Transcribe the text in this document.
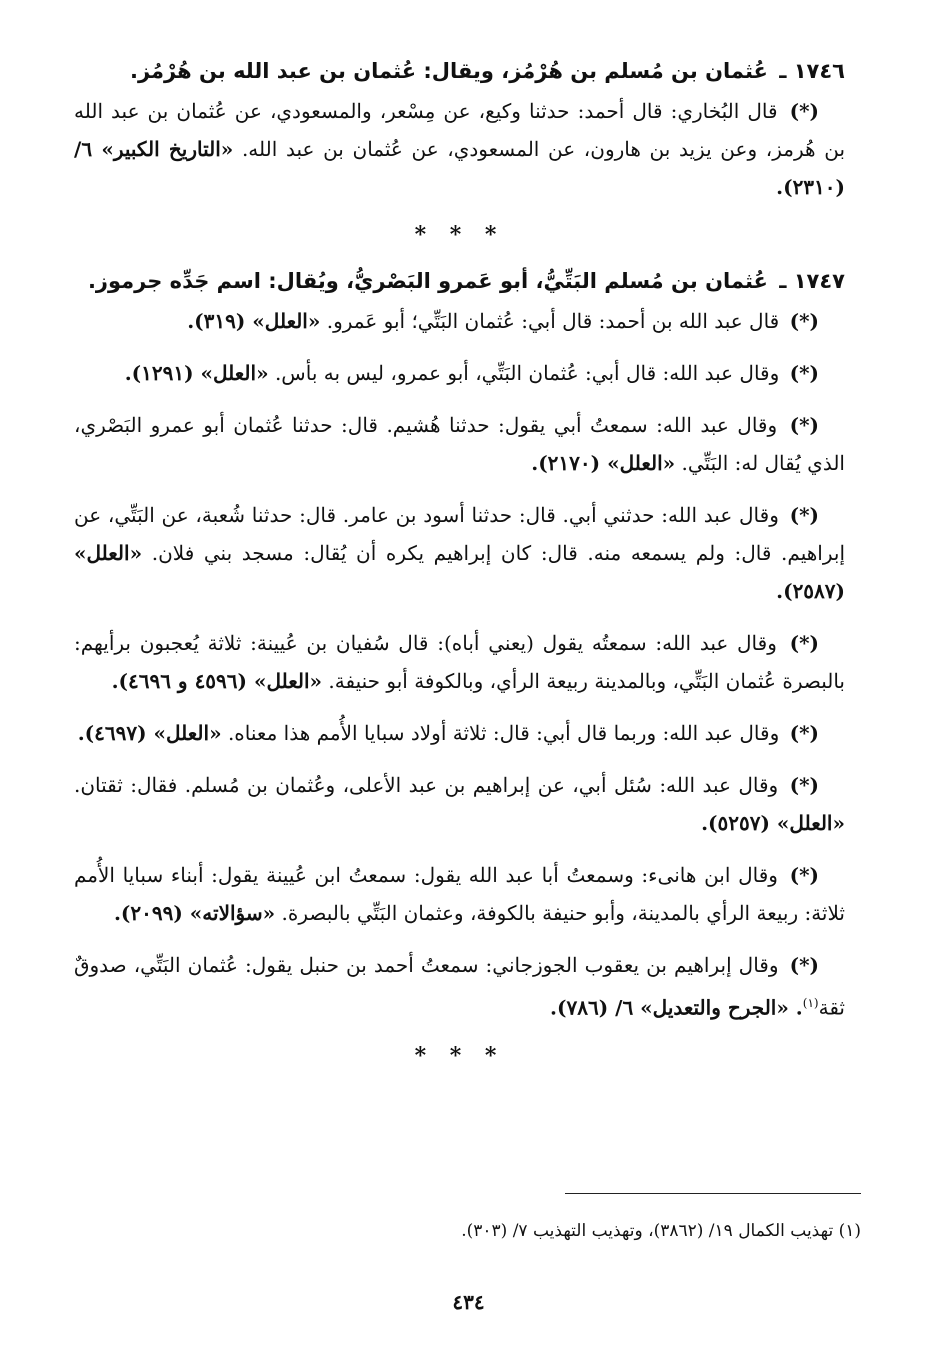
١٧٤٦ ـ عُثمان بن مُسلم بن هُرْمُز، ويقال: عُثمان بن عبد الله بن هُرْمُز.

(*) قال البُخاري: قال أحمد: حدثنا وكيع، عن مِسْعر، والمسعودي، عن عُثمان بن عبد الله بن هُرمز، وعن يزيد بن هارون، عن المسعودي، عن عُثمان بن عبد الله. «التاريخ الكبير» ٦/ (٢٣١٠).

* * *
١٧٤٧ ـ عُثمان بن مُسلم البَتِّيُّ، أبو عَمرو البَصْريُّ، ويُقال: اسم جَدِّه جرموز.

(*) قال عبد الله بن أحمد: قال أبي: عُثمان البَتِّي؛ أبو عَمرو. «العلل» (٣١٩).

(*) وقال عبد الله: قال أبي: عُثمان البَتِّي، أبو عمرو، ليس به بأس. «العلل» (١٢٩١).

(*) وقال عبد الله: سمعتُ أبي يقول: حدثنا هُشيم. قال: حدثنا عُثمان أبو عمرو البَصْري، الذي يُقال له: البَتِّي. «العلل» (٢١٧٠).

(*) وقال عبد الله: حدثني أبي. قال: حدثنا أسود بن عامر. قال: حدثنا شُعبة، عن البَتِّي، عن إبراهيم. قال: ولم يسمعه منه. قال: كان إبراهيم يكره أن يُقال: مسجد بني فلان. «العلل» (٢٥٨٧).

(*) وقال عبد الله: سمعتُه يقول (يعني أباه): قال سُفيان بن عُيينة: ثلاثة يُعجبون برأيهم: بالبصرة عُثمان البَتِّي، وبالمدينة ربيعة الرأي، وبالكوفة أبو حنيفة. «العلل» (٤٥٩٦ و ٤٦٩٦).

(*) وقال عبد الله: وربما قال أبي: قال: ثلاثة أولاد سبايا الأُمم هذا معناه. «العلل» (٤٦٩٧).

(*) وقال عبد الله: سُئل أبي، عن إبراهيم بن عبد الأعلى، وعُثمان بن مُسلم. فقال: ثقتان. «العلل» (٥٢٥٧).

(*) وقال ابن هانىء: وسمعتُ أبا عبد الله يقول: سمعتُ ابن عُيينة يقول: أبناء سبايا الأُمم ثلاثة: ربيعة الرأي بالمدينة، وأبو حنيفة بالكوفة، وعثمان البَتِّي بالبصرة. «سؤالاته» (٢٠٩٩).

(*) وقال إبراهيم بن يعقوب الجوزجاني: سمعتُ أحمد بن حنبل يقول: عُثمان البَتِّي، صدوقٌ ثقة$^{(١)}$. «الجرح والتعديل» ٦/ (٧٨٦).

* * *
(١) تهذيب الكمال ١٩/ (٣٨٦٢)، وتهذيب التهذيب ٧/ (٣٠٣).
٤٣٤
